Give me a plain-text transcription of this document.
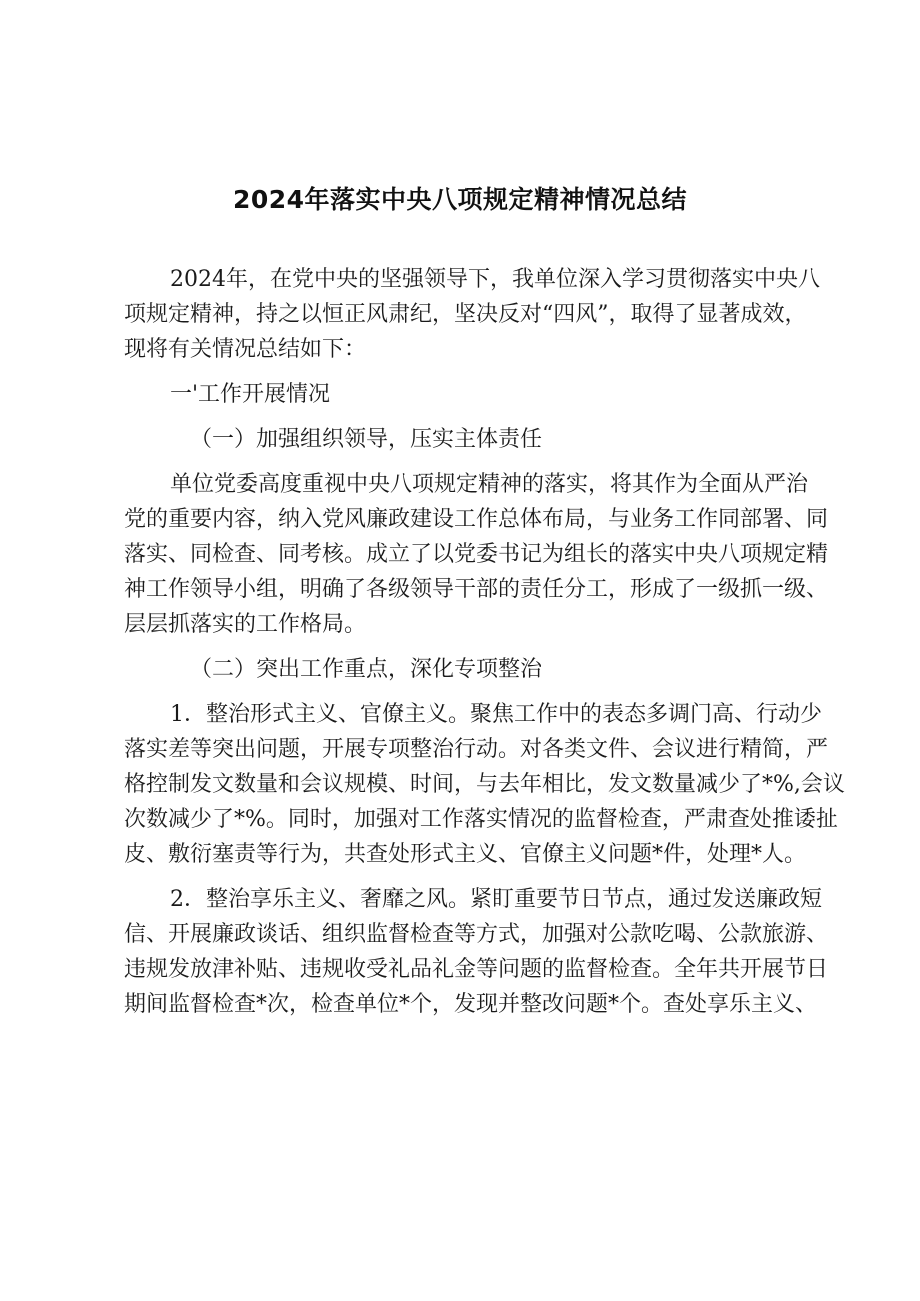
2024年落实中央八项规定精神情况总结
2024年，在党中央的坚强领导下，我单位深入学习贯彻落实中央八
项规定精神，持之以恒正风肃纪，坚决反对“四风”，取得了显著成效，
现将有关情况总结如下：
一'工作开展情况
（一）加强组织领导，压实主体责任
单位党委高度重视中央八项规定精神的落实，将其作为全面从严治
党的重要内容，纳入党风廉政建设工作总体布局，与业务工作同部署、同
落实、同检查、同考核。成立了以党委书记为组长的落实中央八项规定精
神工作领导小组，明确了各级领导干部的责任分工，形成了一级抓一级、
层层抓落实的工作格局。
（二）突出工作重点，深化专项整治
1．整治形式主义、官僚主义。聚焦工作中的表态多调门高、行动少
落实差等突出问题，开展专项整治行动。对各类文件、会议进行精简，严
格控制发文数量和会议规模、时间，与去年相比，发文数量减少了*%,会议
次数减少了*%。同时，加强对工作落实情况的监督检查，严肃查处推诿扯
皮、敷衍塞责等行为，共查处形式主义、官僚主义问题*件，处理*人。
2．整治享乐主义、奢靡之风。紧盯重要节日节点，通过发送廉政短
信、开展廉政谈话、组织监督检查等方式，加强对公款吃喝、公款旅游、
违规发放津补贴、违规收受礼品礼金等问题的监督检查。全年共开展节日
期间监督检查*次，检查单位*个，发现并整改问题*个。查处享乐主义、
